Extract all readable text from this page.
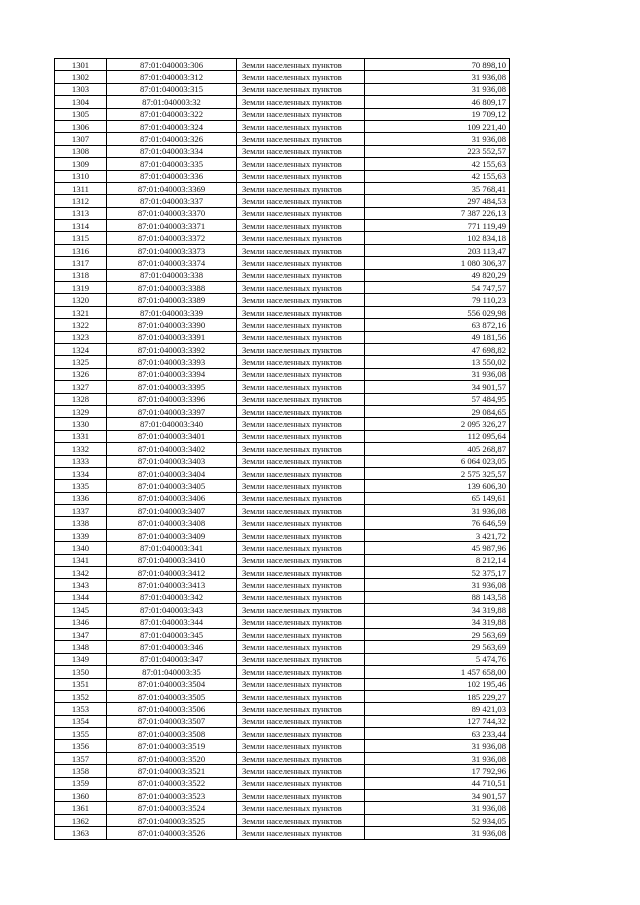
1301	87:01:040003:306	Земли населенных пунктов	70 898,10
1302	87:01:040003:312	Земли населенных пунктов	31 936,08
1303	87:01:040003:315	Земли населенных пунктов	31 936,08
1304	87:01:040003:32	Земли населенных пунктов	46 809,17
1305	87:01:040003:322	Земли населенных пунктов	19 709,12
1306	87:01:040003:324	Земли населенных пунктов	109 221,40
1307	87:01:040003:326	Земли населенных пунктов	31 936,08
1308	87:01:040003:334	Земли населенных пунктов	223 552,57
1309	87:01:040003:335	Земли населенных пунктов	42 155,63
1310	87:01:040003:336	Земли населенных пунктов	42 155,63
1311	87:01:040003:3369	Земли населенных пунктов	35 768,41
1312	87:01:040003:337	Земли населенных пунктов	297 484,53
1313	87:01:040003:3370	Земли населенных пунктов	7 387 226,13
1314	87:01:040003:3371	Земли населенных пунктов	771 119,49
1315	87:01:040003:3372	Земли населенных пунктов	102 834,18
1316	87:01:040003:3373	Земли населенных пунктов	203 113,47
1317	87:01:040003:3374	Земли населенных пунктов	1 080 306,37
1318	87:01:040003:338	Земли населенных пунктов	49 820,29
1319	87:01:040003:3388	Земли населенных пунктов	54 747,57
1320	87:01:040003:3389	Земли населенных пунктов	79 110,23
1321	87:01:040003:339	Земли населенных пунктов	556 029,98
1322	87:01:040003:3390	Земли населенных пунктов	63 872,16
1323	87:01:040003:3391	Земли населенных пунктов	49 181,56
1324	87:01:040003:3392	Земли населенных пунктов	47 698,82
1325	87:01:040003:3393	Земли населенных пунктов	13 550,02
1326	87:01:040003:3394	Земли населенных пунктов	31 936,08
1327	87:01:040003:3395	Земли населенных пунктов	34 901,57
1328	87:01:040003:3396	Земли населенных пунктов	57 484,95
1329	87:01:040003:3397	Земли населенных пунктов	29 084,65
1330	87:01:040003:340	Земли населенных пунктов	2 095 326,27
1331	87:01:040003:3401	Земли населенных пунктов	112 095,64
1332	87:01:040003:3402	Земли населенных пунктов	405 268,87
1333	87:01:040003:3403	Земли населенных пунктов	6 064 023,05
1334	87:01:040003:3404	Земли населенных пунктов	2 575 325,57
1335	87:01:040003:3405	Земли населенных пунктов	139 606,30
1336	87:01:040003:3406	Земли населенных пунктов	65 149,61
1337	87:01:040003:3407	Земли населенных пунктов	31 936,08
1338	87:01:040003:3408	Земли населенных пунктов	76 646,59
1339	87:01:040003:3409	Земли населенных пунктов	3 421,72
1340	87:01:040003:341	Земли населенных пунктов	45 987,96
1341	87:01:040003:3410	Земли населенных пунктов	8 212,14
1342	87:01:040003:3412	Земли населенных пунктов	52 375,17
1343	87:01:040003:3413	Земли населенных пунктов	31 936,08
1344	87:01:040003:342	Земли населенных пунктов	88 143,58
1345	87:01:040003:343	Земли населенных пунктов	34 319,88
1346	87:01:040003:344	Земли населенных пунктов	34 319,88
1347	87:01:040003:345	Земли населенных пунктов	29 563,69
1348	87:01:040003:346	Земли населенных пунктов	29 563,69
1349	87:01:040003:347	Земли населенных пунктов	5 474,76
1350	87:01:040003:35	Земли населенных пунктов	1 457 658,00
1351	87:01:040003:3504	Земли населенных пунктов	102 195,46
1352	87:01:040003:3505	Земли населенных пунктов	185 229,27
1353	87:01:040003:3506	Земли населенных пунктов	89 421,03
1354	87:01:040003:3507	Земли населенных пунктов	127 744,32
1355	87:01:040003:3508	Земли населенных пунктов	63 233,44
1356	87:01:040003:3519	Земли населенных пунктов	31 936,08
1357	87:01:040003:3520	Земли населенных пунктов	31 936,08
1358	87:01:040003:3521	Земли населенных пунктов	17 792,96
1359	87:01:040003:3522	Земли населенных пунктов	44 710,51
1360	87:01:040003:3523	Земли населенных пунктов	34 901,57
1361	87:01:040003:3524	Земли населенных пунктов	31 936,08
1362	87:01:040003:3525	Земли населенных пунктов	52 934,05
1363	87:01:040003:3526	Земли населенных пунктов	31 936,08
